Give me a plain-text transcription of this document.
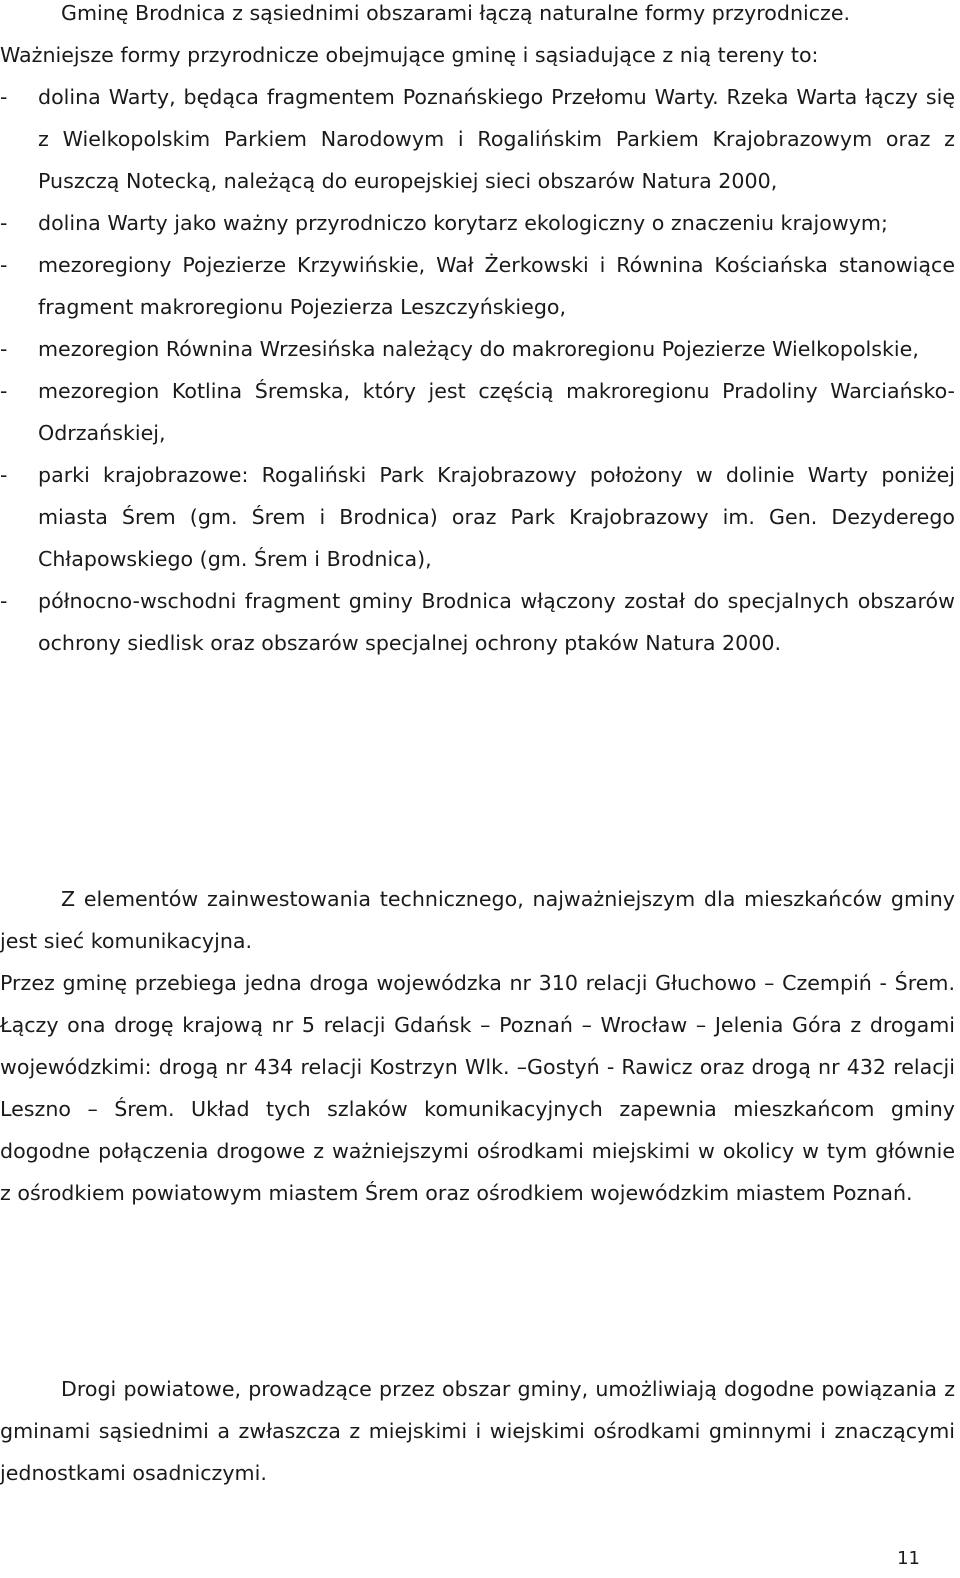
Gminę Brodnica z sąsiednimi obszarami łączą naturalne formy przyrodnicze.
Ważniejsze formy przyrodnicze obejmujące gminę i sąsiadujące z nią tereny to:

- dolina Warty, będąca fragmentem Poznańskiego Przełomu Warty. Rzeka Warta łączy się z Wielkopolskim Parkiem Narodowym i Rogalińskim Parkiem Krajobrazowym oraz z Puszczą Notecką, należącą do europejskiej sieci obszarów Natura 2000,
- dolina Warty jako ważny przyrodniczo korytarz ekologiczny o znaczeniu krajowym;
- mezoregiony Pojezierze Krzywińskie, Wał Żerkowski i Równina Kościańska stanowiące fragment makroregionu Pojezierza Leszczyńskiego,
- mezoregion Równina Wrzesińska należący do makroregionu Pojezierze Wielkopolskie,
- mezoregion Kotlina Śremska, który jest częścią makroregionu Pradoliny Warciańsko-Odrzańskiej,
- parki krajobrazowe: Rogaliński Park Krajobrazowy położony w dolinie Warty poniżej miasta Śrem (gm. Śrem i Brodnica) oraz Park Krajobrazowy im. Gen. Dezyderego Chłapowskiego (gm. Śrem i Brodnica),
- północno-wschodni fragment gminy Brodnica włączony został do specjalnych obszarów ochrony siedlisk oraz obszarów specjalnej ochrony ptaków Natura 2000.

Z elementów zainwestowania technicznego, najważniejszym dla mieszkańców gminy jest sieć komunikacyjna.

Przez gminę przebiega jedna droga wojewódzka nr 310 relacji Głuchowo – Czempiń - Śrem. Łączy ona drogę krajową nr 5 relacji Gdańsk – Poznań – Wrocław – Jelenia Góra z drogami wojewódzkimi: drogą nr 434 relacji Kostrzyn Wlk. –Gostyń - Rawicz oraz drogą nr 432 relacji Leszno – Śrem. Układ tych szlaków komunikacyjnych zapewnia mieszkańcom gminy dogodne połączenia drogowe z ważniejszymi ośrodkami miejskimi w okolicy w tym głównie z ośrodkiem powiatowym miastem Śrem oraz ośrodkiem wojewódzkim miastem Poznań.

Drogi powiatowe, prowadzące przez obszar gminy, umożliwiają dogodne powiązania z gminami sąsiednimi a zwłaszcza z miejskimi i wiejskimi ośrodkami gminnymi i znaczącymi jednostkami osadniczymi.

11
